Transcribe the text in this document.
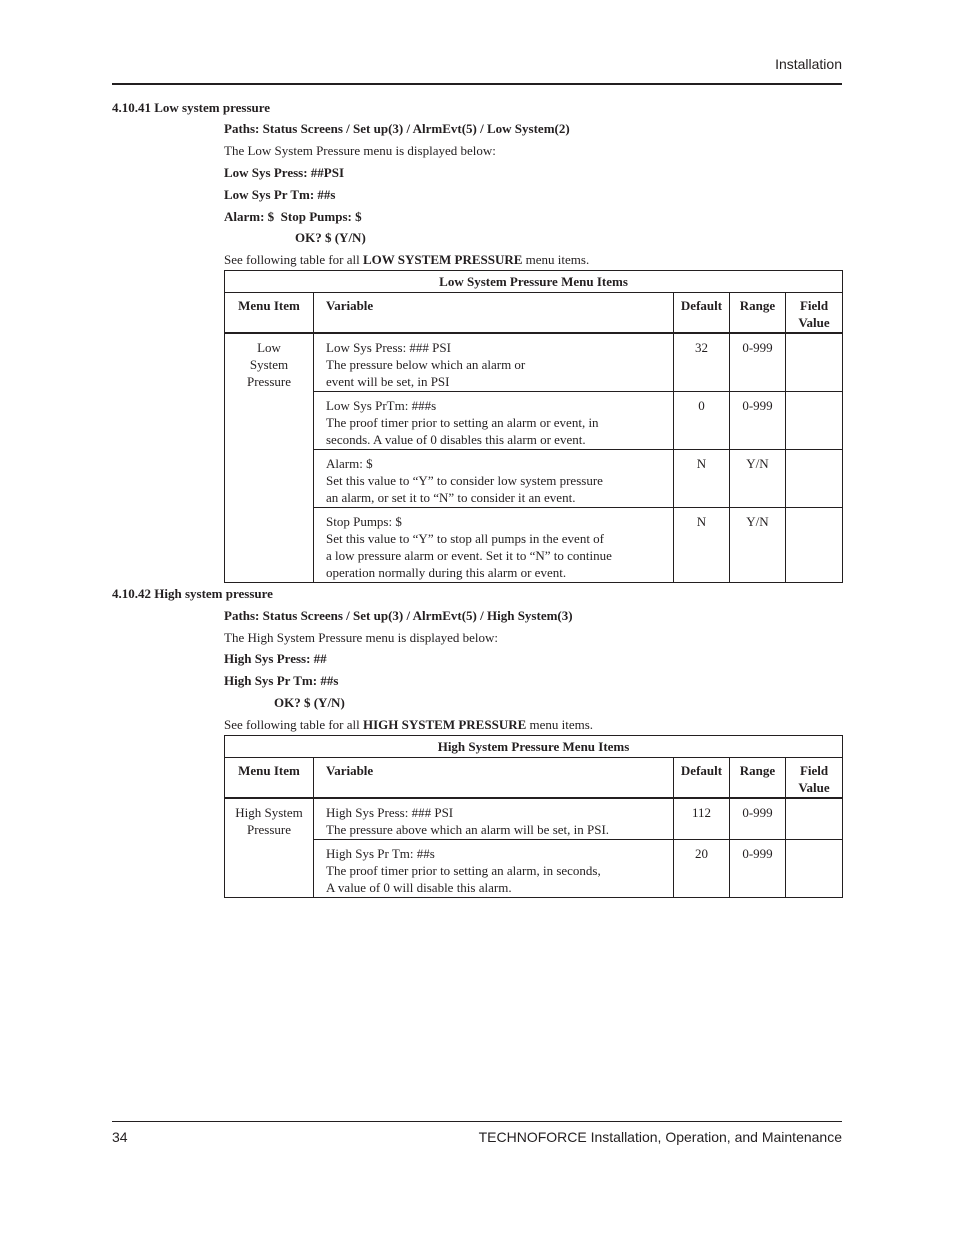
Installation
4.10.41 Low system pressure
Paths: Status Screens / Set up(3) / AlrmEvt(5) / Low System(2)
The Low System Pressure menu is displayed below:
Low Sys Press: ##PSI
Low Sys Pr Tm: ##s
Alarm: $  Stop Pumps: $
OK? $ (Y/N)
See following table for all LOW SYSTEM PRESSURE menu items.
Low System Pressure Menu Items				
Menu Item	Variable	Default	Range	Field
Value
Low
System
Pressure	Low Sys Press: ### PSI
The pressure below which an alarm or
event will be set, in PSI	32	0-999	

	Low Sys PrTm: ###s
The proof timer prior to setting an alarm or event, in
seconds. A value of 0 disables this alarm or event.	0	0-999	

	Alarm: $
Set this value to “Y” to consider low system pressure
an alarm, or set it to “N” to consider it an event.	N	Y/N	

	Stop Pumps: $
Set this value to “Y” to stop all pumps in the event of
a low pressure alarm or event. Set it to “N” to continue
operation normally during this alarm or event.	N	Y/N	
4.10.42 High system pressure
Paths: Status Screens / Set up(3) / AlrmEvt(5) / High System(3)
The High System Pressure menu is displayed below:
High Sys Press: ##
High Sys Pr Tm: ##s
OK? $ (Y/N)
See following table for all HIGH SYSTEM PRESSURE menu items.
High System Pressure Menu Items				
Menu Item	Variable	Default	Range	Field
Value
High System
Pressure	High Sys Press: ### PSI
The pressure above which an alarm will be set, in PSI.	112	0-999	

	High Sys Pr Tm: ##s
The proof timer prior to setting an alarm, in seconds,
A value of 0 will disable this alarm.	20	0-999	
34	TECHNOFORCE Installation, Operation, and Maintenance
